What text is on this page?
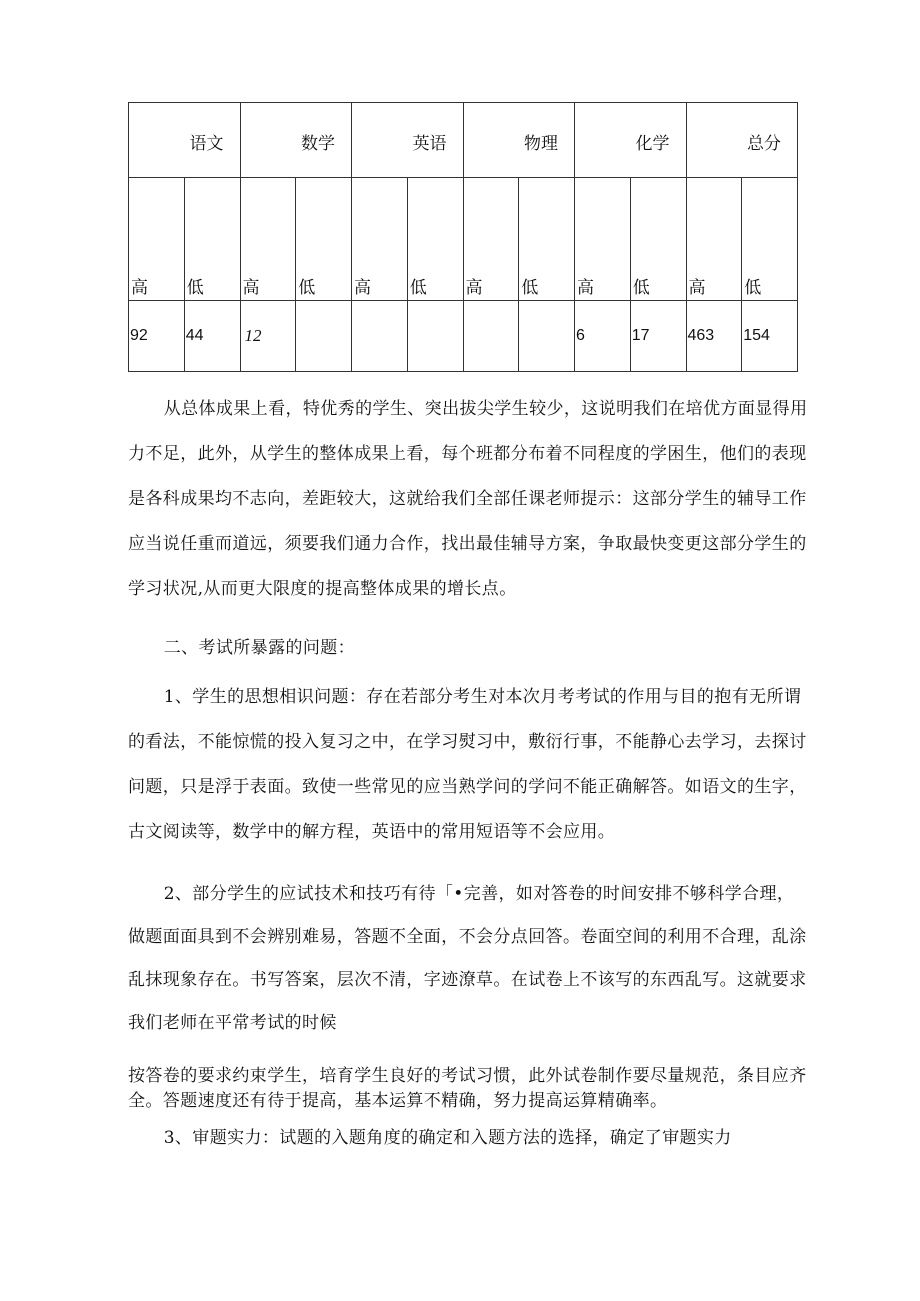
语文		数学		英语		物理		化学		总分	
高	低	高	低	高	低	高	低	高	低	高	低
92	44	12						6	17	463	154

从总体成果上看，特优秀的学生、突出拔尖学生较少，这说明我们在培优方面显得用力不足，此外，从学生的整体成果上看，每个班都分布着不同程度的学困生，他们的表现是各科成果均不志向，差距较大，这就给我们全部任课老师提示：这部分学生的辅导工作应当说任重而道远，须要我们通力合作，找出最佳辅导方案，争取最快变更这部分学生的学习状况,从而更大限度的提高整体成果的增长点。

二、考试所暴露的问题：

1、学生的思想相识问题：存在若部分考生对本次月考考试的作用与目的抱有无所谓的看法，不能惊慌的投入复习之中，在学习熨习中，敷衍行事，不能静心去学习，去探讨问题，只是浮于表面。致使一些常见的应当熟学问的学问不能正确解答。如语文的生字，古文阅读等，数学中的解方程，英语中的常用短语等不会应用。

2、部分学生的应试技术和技巧有待「•完善，如对答卷的时间安排不够科学合理，做题面面具到不会辨别难易，答题不全面，不会分点回答。卷面空间的利用不合理，乱涂乱抹现象存在。书写答案，层次不清，字迹潦草。在试卷上不该写的东西乱写。这就要求我们老师在平常考试的时候

按答卷的要求约束学生，培育学生良好的考试习惯，此外试卷制作要尽量规范，条目应齐全。答题速度还有待于提高，基本运算不精确，努力提高运算精确率。

3、审题实力：试题的入题角度的确定和入题方法的选择，确定了审题实力
